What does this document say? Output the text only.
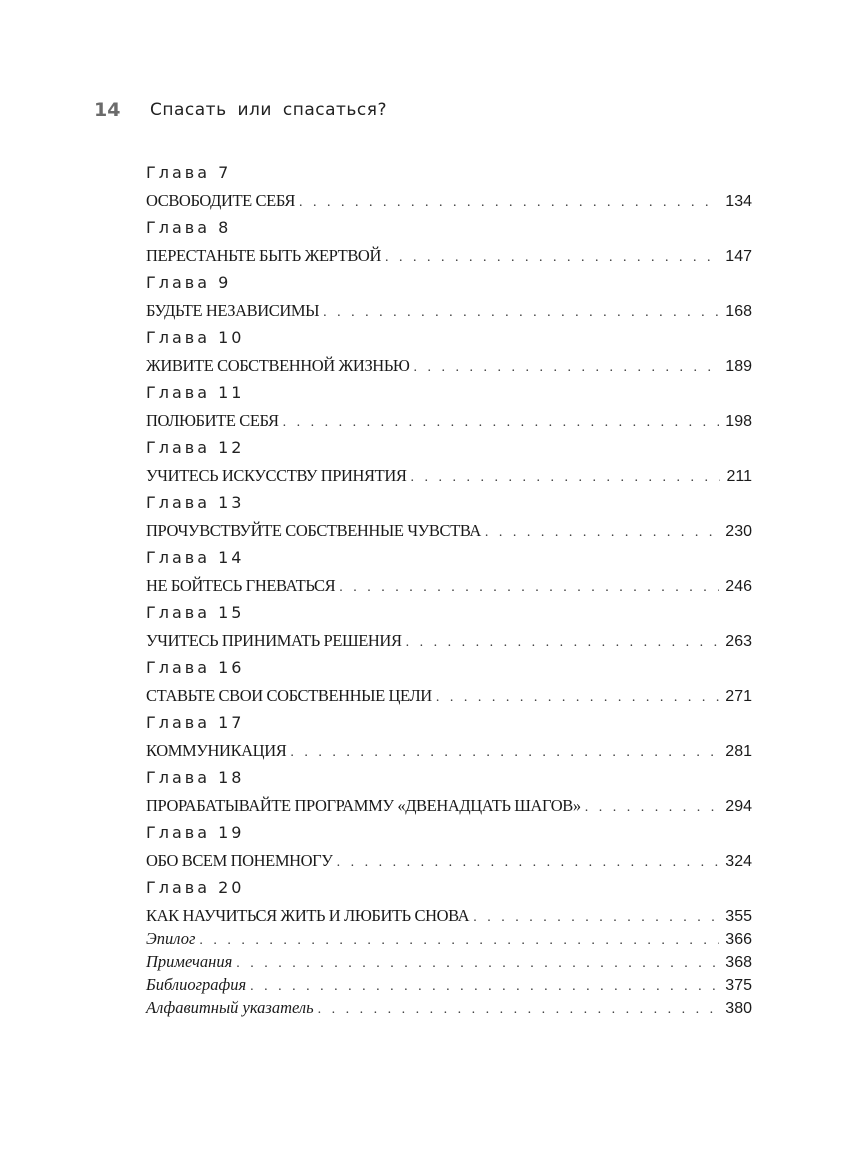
14	Спасать или спасаться?
Глава 7
ОСВОБОДИТЕ СЕБЯ . . .	134
Глава 8
ПЕРЕСТАНЬТЕ БЫТЬ ЖЕРТВОЙ . . .	147
Глава 9
БУДЬТЕ НЕЗАВИСИМЫ . . .	168
Глава 10
ЖИВИТЕ СОБСТВЕННОЙ ЖИЗНЬЮ . . .	189
Глава 11
ПОЛЮБИТЕ СЕБЯ . . .	198
Глава 12
УЧИТЕСЬ ИСКУССТВУ ПРИНЯТИЯ . . .	211
Глава 13
ПРОЧУВСТВУЙТЕ СОБСТВЕННЫЕ ЧУВСТВА . . .	230
Глава 14
НЕ БОЙТЕСЬ ГНЕВАТЬСЯ . . .	246
Глава 15
УЧИТЕСЬ ПРИНИМАТЬ РЕШЕНИЯ . . .	263
Глава 16
СТАВЬТЕ СВОИ СОБСТВЕННЫЕ ЦЕЛИ . . .	271
Глава 17
КОММУНИКАЦИЯ . . .	281
Глава 18
ПРОРАБАТЫВАЙТЕ ПРОГРАММУ «ДВЕНАДЦАТЬ ШАГОВ» . . .	294
Глава 19
ОБО ВСЕМ ПОНЕМНОГУ . . .	324
Глава 20
КАК НАУЧИТЬСЯ ЖИТЬ И ЛЮБИТЬ СНОВА . . .	355
Эпилог . . .	366
Примечания . . .	368
Библиография . . .	375
Алфавитный указатель . . .	380
